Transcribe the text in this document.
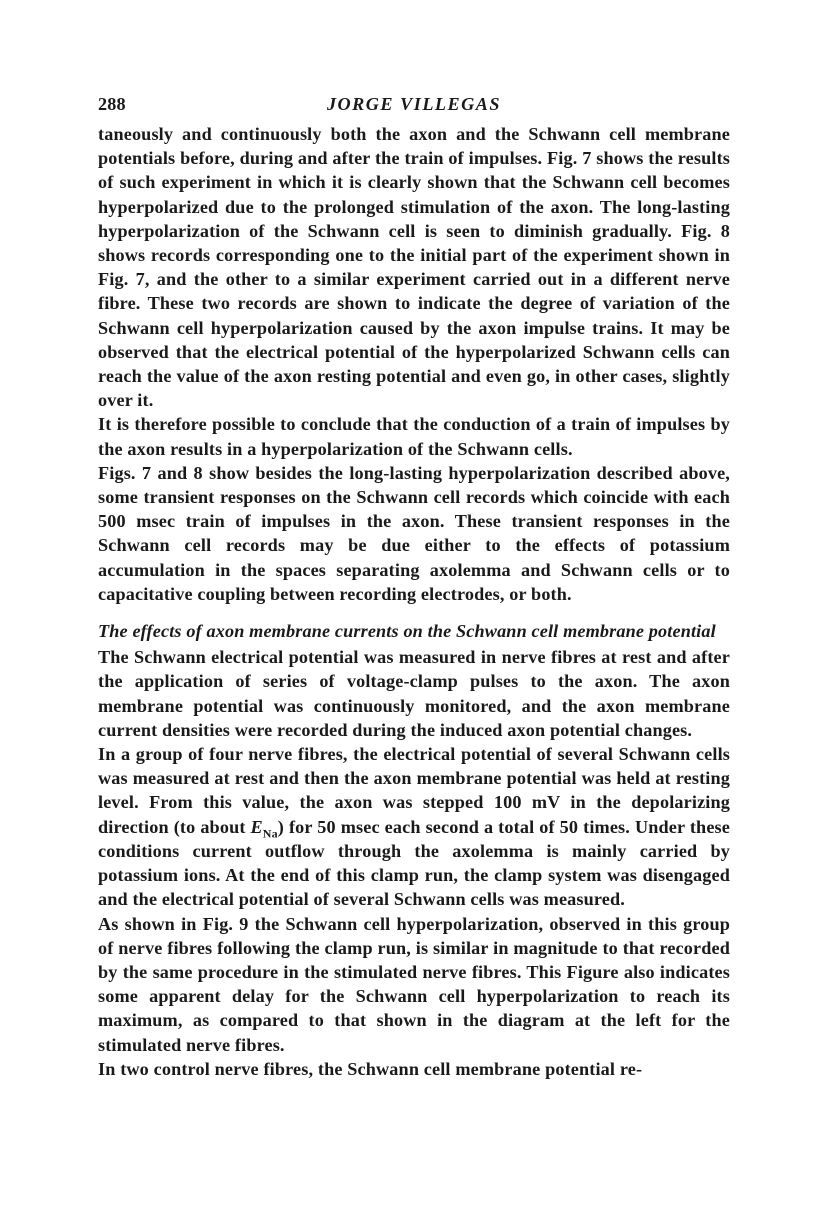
288	JORGE VILLEGAS

taneously and continuously both the axon and the Schwann cell membrane potentials before, during and after the train of impulses. Fig. 7 shows the results of such experiment in which it is clearly shown that the Schwann cell becomes hyperpolarized due to the prolonged stimulation of the axon. The long-lasting hyperpolarization of the Schwann cell is seen to diminish gradually. Fig. 8 shows records corresponding one to the initial part of the experiment shown in Fig. 7, and the other to a similar experiment carried out in a different nerve fibre. These two records are shown to indicate the degree of variation of the Schwann cell hyperpolarization caused by the axon impulse trains. It may be observed that the electrical potential of the hyperpolarized Schwann cells can reach the value of the axon resting potential and even go, in other cases, slightly over it.

It is therefore possible to conclude that the conduction of a train of impulses by the axon results in a hyperpolarization of the Schwann cells.

Figs. 7 and 8 show besides the long-lasting hyperpolarization described above, some transient responses on the Schwann cell records which coincide with each 500 msec train of impulses in the axon. These transient responses in the Schwann cell records may be due either to the effects of potassium accumulation in the spaces separating axolemma and Schwann cells or to capacitative coupling between recording electrodes, or both.

The effects of axon membrane currents on the Schwann cell membrane potential

The Schwann electrical potential was measured in nerve fibres at rest and after the application of series of voltage-clamp pulses to the axon. The axon membrane potential was continuously monitored, and the axon membrane current densities were recorded during the induced axon potential changes.

In a group of four nerve fibres, the electrical potential of several Schwann cells was measured at rest and then the axon membrane potential was held at resting level. From this value, the axon was stepped 100 mV in the depolarizing direction (to about $E_{Na}$) for 50 msec each second a total of 50 times. Under these conditions current outflow through the axolemma is mainly carried by potassium ions. At the end of this clamp run, the clamp system was disengaged and the electrical potential of several Schwann cells was measured.

As shown in Fig. 9 the Schwann cell hyperpolarization, observed in this group of nerve fibres following the clamp run, is similar in magnitude to that recorded by the same procedure in the stimulated nerve fibres. This Figure also indicates some apparent delay for the Schwann cell hyperpolarization to reach its maximum, as compared to that shown in the diagram at the left for the stimulated nerve fibres.

In two control nerve fibres, the Schwann cell membrane potential re-
